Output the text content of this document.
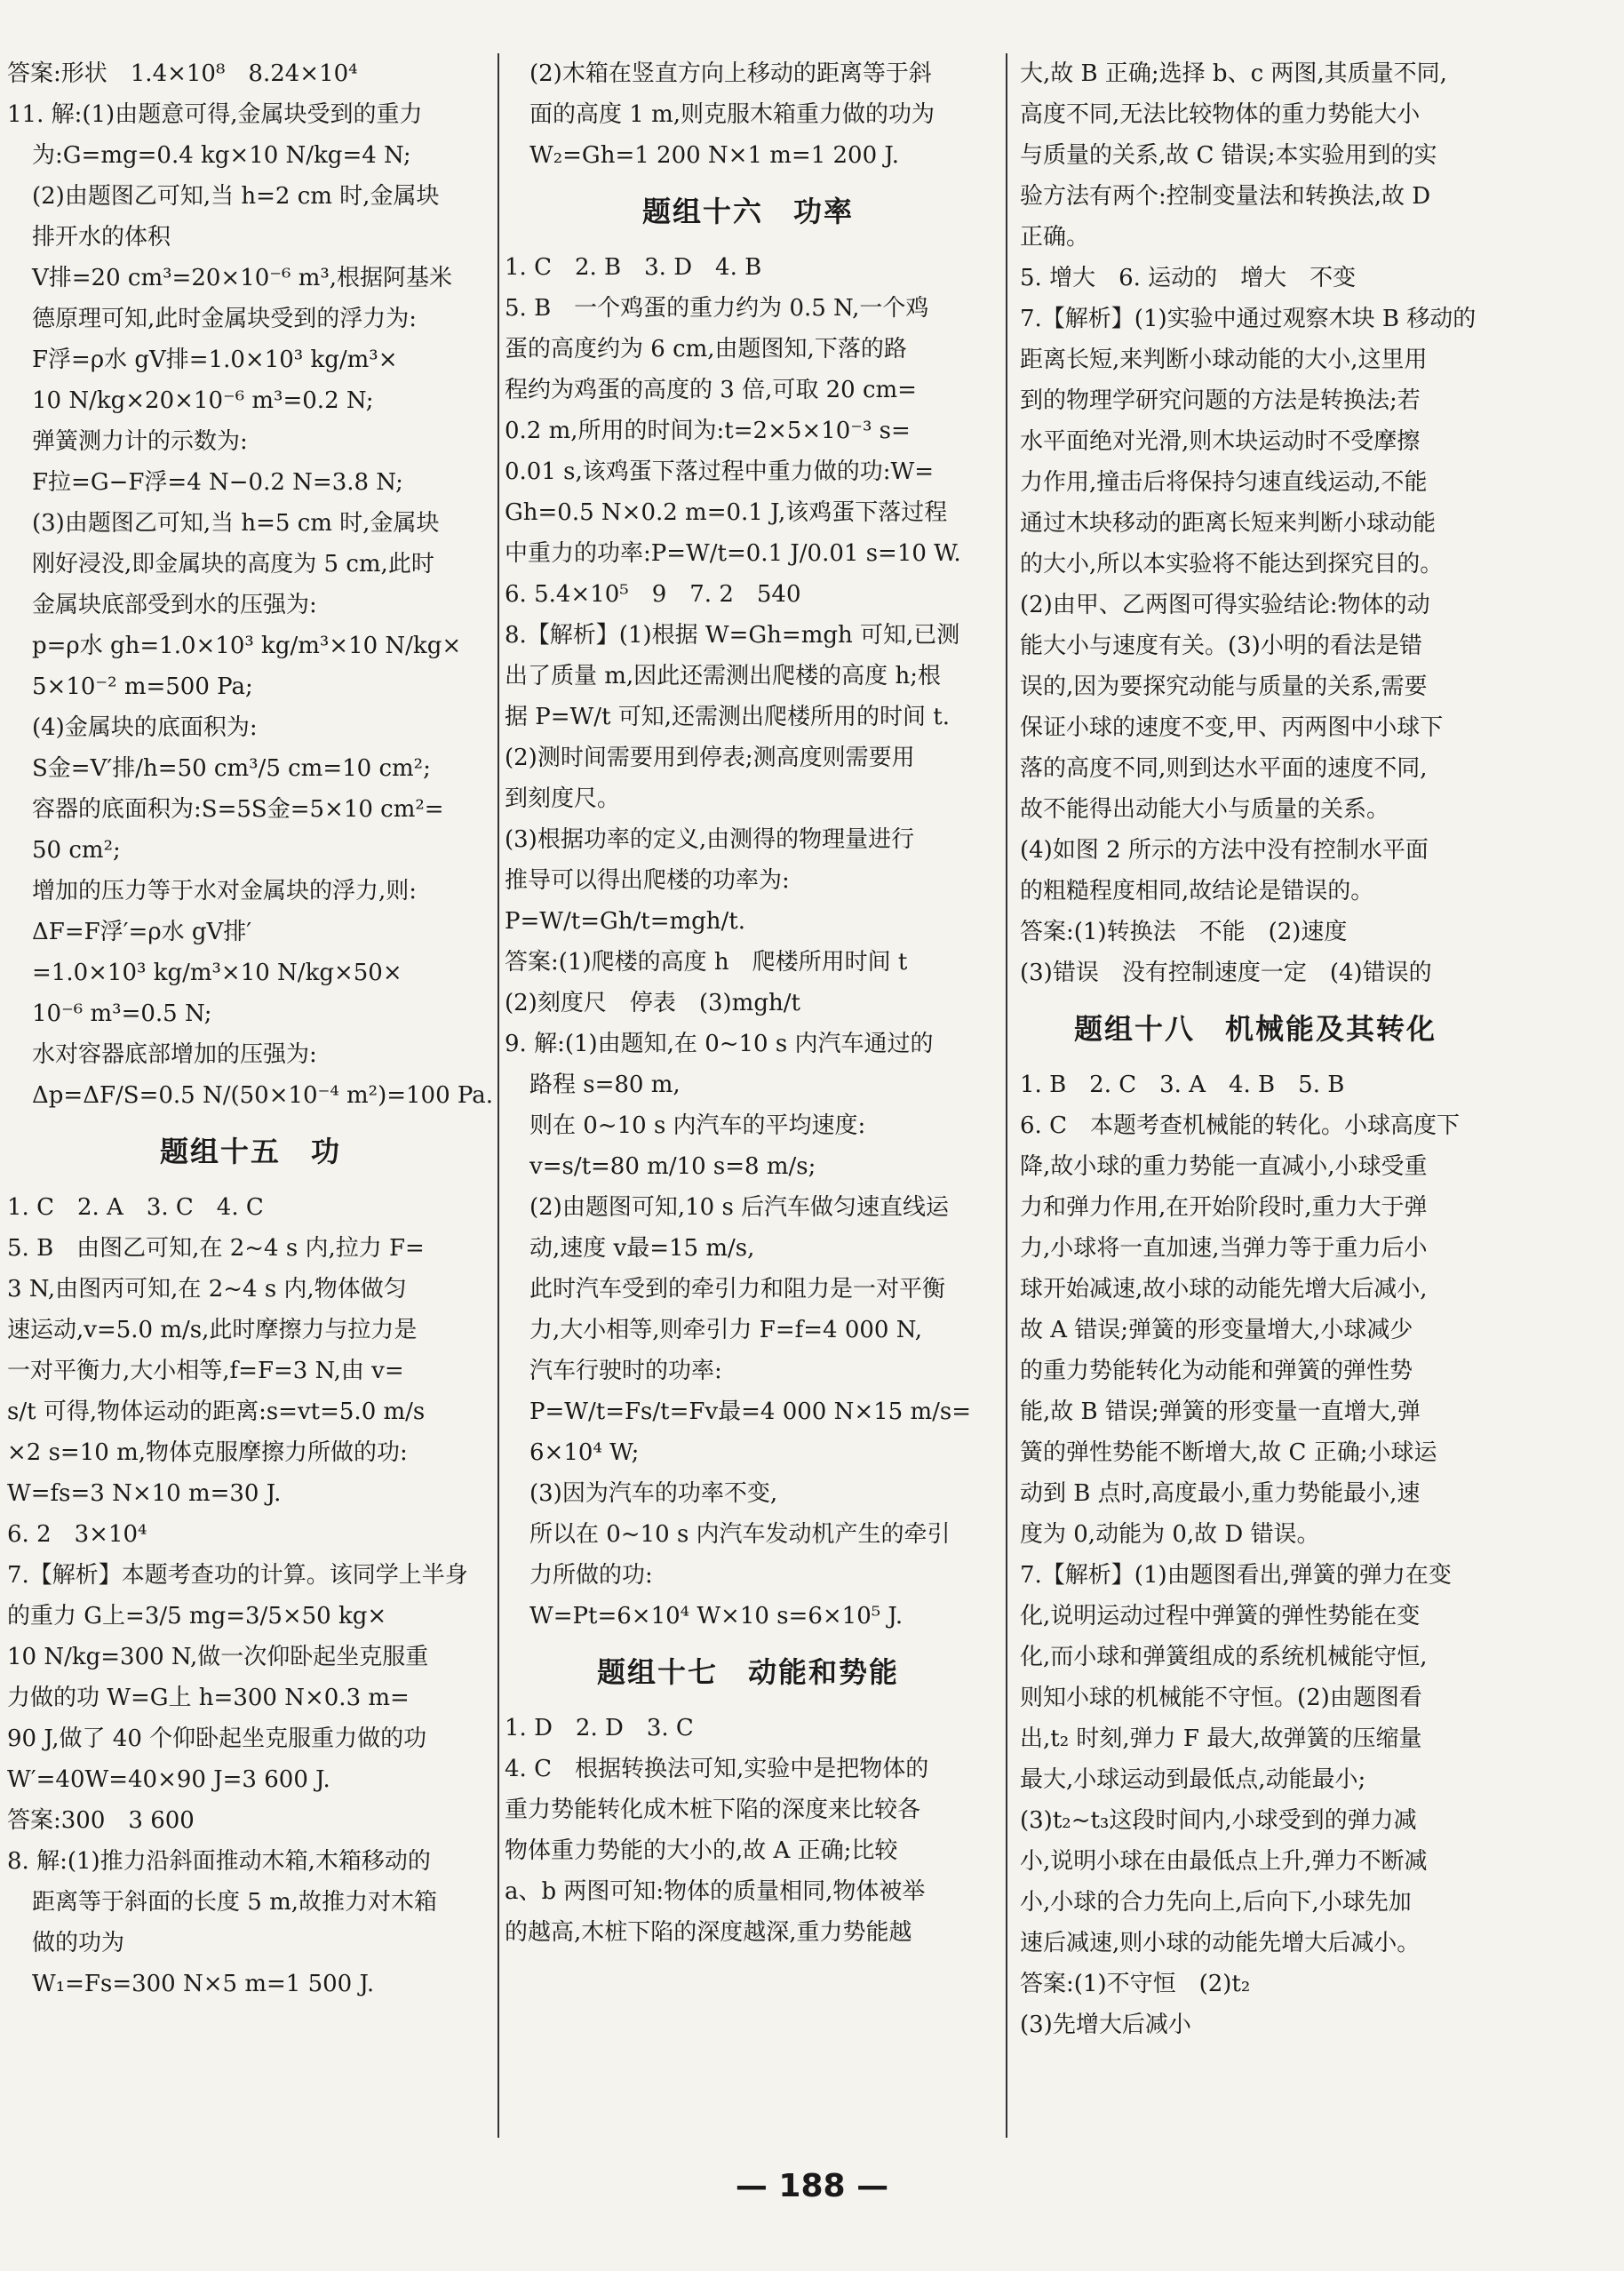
答案:形状　1.4×10⁸　8.24×10⁴
11. 解:(1)由题意可得,金属块受到的重力
为:G=mg=0.4 kg×10 N/kg=4 N;
(2)由题图乙可知,当 h=2 cm 时,金属块
排开水的体积
V排=20 cm³=20×10⁻⁶ m³,根据阿基米
德原理可知,此时金属块受到的浮力为:
F浮=ρ水 gV排=1.0×10³ kg/m³×
10 N/kg×20×10⁻⁶ m³=0.2 N;
弹簧测力计的示数为:
F拉=G−F浮=4 N−0.2 N=3.8 N;
(3)由题图乙可知,当 h=5 cm 时,金属块
刚好浸没,即金属块的高度为 5 cm,此时
金属块底部受到水的压强为:
p=ρ水 gh=1.0×10³ kg/m³×10 N/kg×
5×10⁻² m=500 Pa;
(4)金属块的底面积为:
S金=V′排/h=50 cm³/5 cm=10 cm²;
容器的底面积为:S=5S金=5×10 cm²=
50 cm²;
增加的压力等于水对金属块的浮力,则:
ΔF=F浮′=ρ水 gV排′
=1.0×10³ kg/m³×10 N/kg×50×
10⁻⁶ m³=0.5 N;
水对容器底部增加的压强为:
Δp=ΔF/S=0.5 N/(50×10⁻⁴ m²)=100 Pa.
题组十五　功
1. C　2. A　3. C　4. C
5. B　由图乙可知,在 2~4 s 内,拉力 F=
3 N,由图丙可知,在 2~4 s 内,物体做匀
速运动,v=5.0 m/s,此时摩擦力与拉力是
一对平衡力,大小相等,f=F=3 N,由 v=
s/t 可得,物体运动的距离:s=vt=5.0 m/s
×2 s=10 m,物体克服摩擦力所做的功:
W=fs=3 N×10 m=30 J.
6. 2　3×10⁴
7.【解析】本题考查功的计算。该同学上半身
的重力 G上=3/5 mg=3/5×50 kg×
10 N/kg=300 N,做一次仰卧起坐克服重
力做的功 W=G上 h=300 N×0.3 m=
90 J,做了 40 个仰卧起坐克服重力做的功
W′=40W=40×90 J=3 600 J.
答案:300　3 600
8. 解:(1)推力沿斜面推动木箱,木箱移动的
距离等于斜面的长度 5 m,故推力对木箱
做的功为
W₁=Fs=300 N×5 m=1 500 J.
(2)木箱在竖直方向上移动的距离等于斜
面的高度 1 m,则克服木箱重力做的功为
W₂=Gh=1 200 N×1 m=1 200 J.
题组十六　功率
1. C　2. B　3. D　4. B
5. B　一个鸡蛋的重力约为 0.5 N,一个鸡
蛋的高度约为 6 cm,由题图知,下落的路
程约为鸡蛋的高度的 3 倍,可取 20 cm=
0.2 m,所用的时间为:t=2×5×10⁻³ s=
0.01 s,该鸡蛋下落过程中重力做的功:W=
Gh=0.5 N×0.2 m=0.1 J,该鸡蛋下落过程
中重力的功率:P=W/t=0.1 J/0.01 s=10 W.
6. 5.4×10⁵　9　7. 2　540
8.【解析】(1)根据 W=Gh=mgh 可知,已测
出了质量 m,因此还需测出爬楼的高度 h;根
据 P=W/t 可知,还需测出爬楼所用的时间 t.
(2)测时间需要用到停表;测高度则需要用
到刻度尺。
(3)根据功率的定义,由测得的物理量进行
推导可以得出爬楼的功率为:
P=W/t=Gh/t=mgh/t.
答案:(1)爬楼的高度 h　爬楼所用时间 t
(2)刻度尺　停表　(3)mgh/t
9. 解:(1)由题知,在 0~10 s 内汽车通过的
路程 s=80 m,
则在 0~10 s 内汽车的平均速度:
v=s/t=80 m/10 s=8 m/s;
(2)由题图可知,10 s 后汽车做匀速直线运
动,速度 v最=15 m/s,
此时汽车受到的牵引力和阻力是一对平衡
力,大小相等,则牵引力 F=f=4 000 N,
汽车行驶时的功率:
P=W/t=Fs/t=Fv最=4 000 N×15 m/s=
6×10⁴ W;
(3)因为汽车的功率不变,
所以在 0~10 s 内汽车发动机产生的牵引
力所做的功:
W=Pt=6×10⁴ W×10 s=6×10⁵ J.
题组十七　动能和势能
1. D　2. D　3. C
4. C　根据转换法可知,实验中是把物体的
重力势能转化成木桩下陷的深度来比较各
物体重力势能的大小的,故 A 正确;比较
a、b 两图可知:物体的质量相同,物体被举
的越高,木桩下陷的深度越深,重力势能越
大,故 B 正确;选择 b、c 两图,其质量不同,
高度不同,无法比较物体的重力势能大小
与质量的关系,故 C 错误;本实验用到的实
验方法有两个:控制变量法和转换法,故 D
正确。
5. 增大　6. 运动的　增大　不变
7.【解析】(1)实验中通过观察木块 B 移动的
距离长短,来判断小球动能的大小,这里用
到的物理学研究问题的方法是转换法;若
水平面绝对光滑,则木块运动时不受摩擦
力作用,撞击后将保持匀速直线运动,不能
通过木块移动的距离长短来判断小球动能
的大小,所以本实验将不能达到探究目的。
(2)由甲、乙两图可得实验结论:物体的动
能大小与速度有关。(3)小明的看法是错
误的,因为要探究动能与质量的关系,需要
保证小球的速度不变,甲、丙两图中小球下
落的高度不同,则到达水平面的速度不同,
故不能得出动能大小与质量的关系。
(4)如图 2 所示的方法中没有控制水平面
的粗糙程度相同,故结论是错误的。
答案:(1)转换法　不能　(2)速度
(3)错误　没有控制速度一定　(4)错误的
题组十八　机械能及其转化
1. B　2. C　3. A　4. B　5. B
6. C　本题考查机械能的转化。小球高度下
降,故小球的重力势能一直减小,小球受重
力和弹力作用,在开始阶段时,重力大于弹
力,小球将一直加速,当弹力等于重力后小
球开始减速,故小球的动能先增大后减小,
故 A 错误;弹簧的形变量增大,小球减少
的重力势能转化为动能和弹簧的弹性势
能,故 B 错误;弹簧的形变量一直增大,弹
簧的弹性势能不断增大,故 C 正确;小球运
动到 B 点时,高度最小,重力势能最小,速
度为 0,动能为 0,故 D 错误。
7.【解析】(1)由题图看出,弹簧的弹力在变
化,说明运动过程中弹簧的弹性势能在变
化,而小球和弹簧组成的系统机械能守恒,
则知小球的机械能不守恒。(2)由题图看
出,t₂ 时刻,弹力 F 最大,故弹簧的压缩量
最大,小球运动到最低点,动能最小;
(3)t₂~t₃这段时间内,小球受到的弹力减
小,说明小球在由最低点上升,弹力不断减
小,小球的合力先向上,后向下,小球先加
速后减速,则小球的动能先增大后减小。
答案:(1)不守恒　(2)t₂
(3)先增大后减小
— 188 —
